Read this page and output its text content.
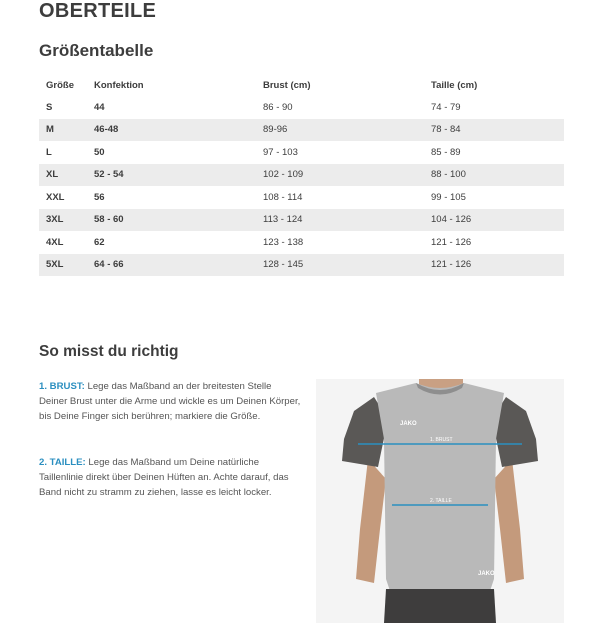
OBERTEILE
Größentabelle
Größe	Konfektion	Brust (cm)	Taille (cm)
S	44	86 - 90	74 - 79
M	46-48	89-96	78 - 84
L	50	97 - 103	85 - 89
XL	52 - 54	102 - 109	88 - 100
XXL	56	108 - 114	99 - 105
3XL	58 - 60	113 - 124	104 - 126
4XL	62	123 - 138	121 - 126
5XL	64 - 66	128 - 145	121 - 126
So misst du richtig

1. BRUST: Lege das Maßband an der breitesten Stelle Deiner Brust unter die Arme und wickle es um Deinen Körper, bis Deine Finger sich berühren; markiere die Größe.

2. TAILLE: Lege das Maßband um Deine natürliche Taillenlinie direkt über Deinen Hüften an. Achte darauf, das Band nicht zu stramm zu ziehen, lasse es leicht locker.

JAKO
JAKO
1. BRUST
2. TAILLE
